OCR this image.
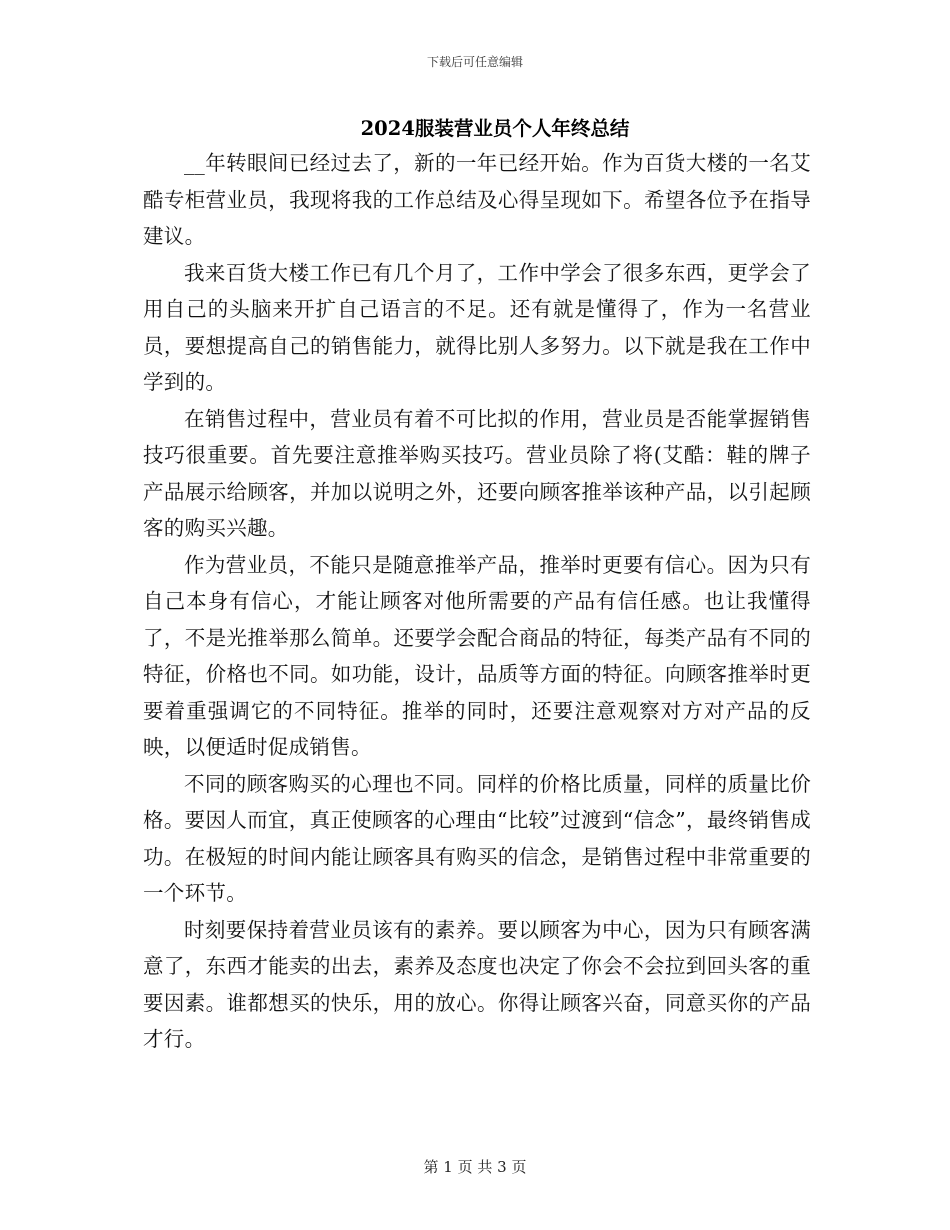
下载后可任意编辑
2024服装营业员个人年终总结

__年转眼间已经过去了，新的一年已经开始。作为百货大楼的一名艾酷专柜营业员，我现将我的工作总结及心得呈现如下。希望各位予在指导建议。

我来百货大楼工作已有几个月了，工作中学会了很多东西，更学会了用自己的头脑来开扩自己语言的不足。还有就是懂得了，作为一名营业员，要想提高自己的销售能力，就得比别人多努力。以下就是我在工作中学到的。

在销售过程中，营业员有着不可比拟的作用，营业员是否能掌握销售技巧很重要。首先要注意推举购买技巧。营业员除了将(艾酷：鞋的牌子产品展示给顾客，并加以说明之外，还要向顾客推举该种产品，以引起顾客的购买兴趣。

作为营业员，不能只是随意推举产品，推举时更要有信心。因为只有自己本身有信心，才能让顾客对他所需要的产品有信任感。也让我懂得了，不是光推举那么简单。还要学会配合商品的特征，每类产品有不同的特征，价格也不同。如功能，设计，品质等方面的特征。向顾客推举时更要着重强调它的不同特征。推举的同时，还要注意观察对方对产品的反映，以便适时促成销售。

不同的顾客购买的心理也不同。同样的价格比质量，同样的质量比价格。要因人而宜，真正使顾客的心理由“比较”过渡到“信念”，最终销售成功。在极短的时间内能让顾客具有购买的信念，是销售过程中非常重要的一个环节。

时刻要保持着营业员该有的素养。要以顾客为中心，因为只有顾客满意了，东西才能卖的出去，素养及态度也决定了你会不会拉到回头客的重要因素。谁都想买的快乐，用的放心。你得让顾客兴奋，同意买你的产品才行。

第 1 页 共 3 页
